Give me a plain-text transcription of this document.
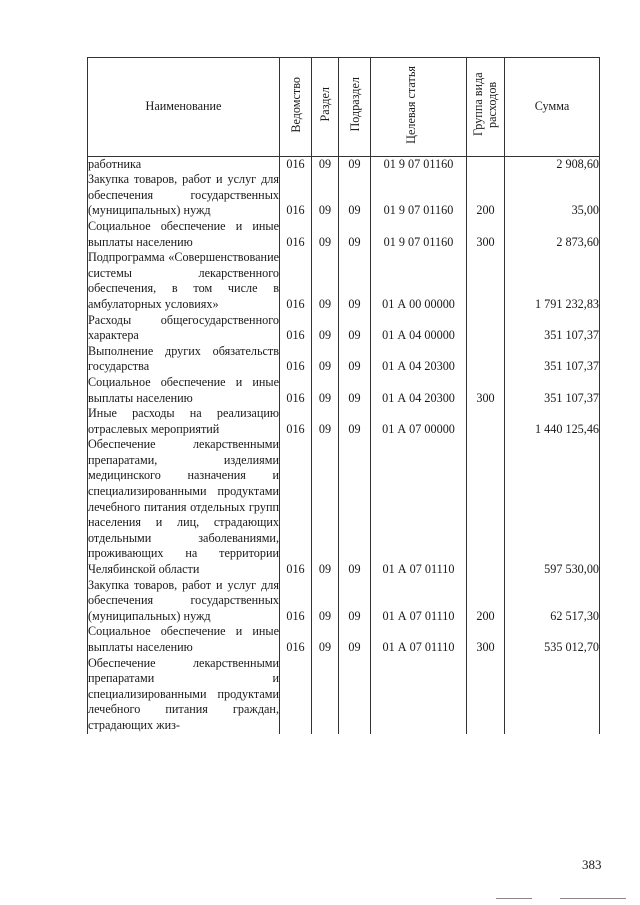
Наименование	Ведомство	Раздел	Подраздел	Целевая статья	Группа вида расходов	Сумма
работника	016	09	09	01 9 07 01160		2 908,60
Закупка товаров, работ и услуг для обеспечения государственных (муниципальных) нужд	016	09	09	01 9 07 01160	200	35,00
Социальное обеспечение и иные выплаты населению	016	09	09	01 9 07 01160	300	2 873,60
Подпрограмма «Совершенствование системы лекарственного обеспечения, в том числе в амбулаторных условиях»	016	09	09	01 А 00 00000		1 791 232,83
Расходы общегосударственного характера	016	09	09	01 А 04 00000		351 107,37
Выполнение других обязательств государства	016	09	09	01 А 04 20300		351 107,37
Социальное обеспечение и иные выплаты населению	016	09	09	01 А 04 20300	300	351 107,37
Иные расходы на реализацию отраслевых мероприятий	016	09	09	01 А 07 00000		1 440 125,46
Обеспечение лекарственными препаратами, изделиями медицинского назначения и специализированными продуктами лечебного питания отдельных групп населения и лиц, страдающих отдельными заболеваниями, проживающих на территории Челябинской области	016	09	09	01 А 07 01110		597 530,00
Закупка товаров, работ и услуг для обеспечения государственных (муниципальных) нужд	016	09	09	01 А 07 01110	200	62 517,30
Социальное обеспечение и иные выплаты населению	016	09	09	01 А 07 01110	300	535 012,70
Обеспечение лекарственными препаратами и специализированными продуктами лечебного питания граждан, страдающих жиз-						
383
